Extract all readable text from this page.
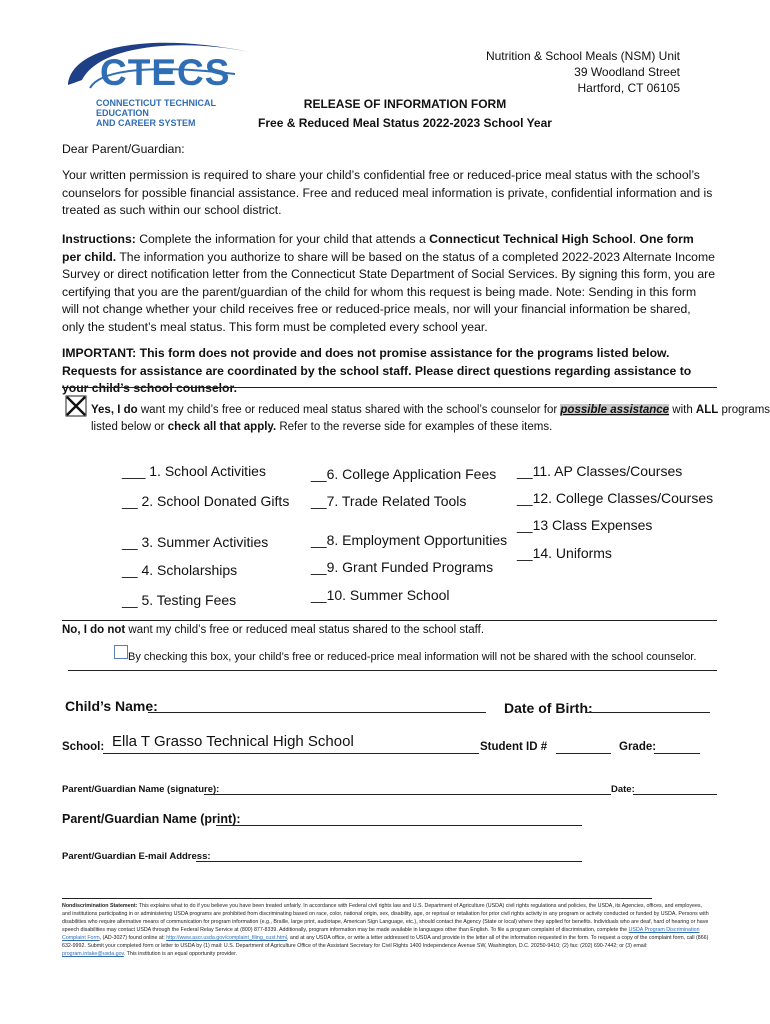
CTECS
CONNECTICUT TECHNICAL EDUCATION
AND CAREER SYSTEM
Nutrition & School Meals (NSM) Unit
39 Woodland Street
Hartford, CT 06105
RELEASE OF INFORMATION FORM
Free & Reduced Meal Status 2022-2023 School Year
Dear Parent/Guardian:
Your written permission is required to share your child’s confidential free or reduced-price meal status with the school’s counselors for possible financial assistance. Free and reduced meal information is private, confidential information and is treated as such within our school district.
Instructions: Complete the information for your child that attends a Connecticut Technical High School. One form per child. The information you authorize to share will be based on the status of a completed 2022-2023 Alternate Income Survey or direct notification letter from the Connecticut State Department of Social Services. By signing this form, you are certifying that you are the parent/guardian of the child for whom this request is being made. Note: Sending in this form will not change whether your child receives free or reduced-price meals, nor will your financial information be shared, only the student’s meal status. This form must be completed every school year.
IMPORTANT: This form does not provide and does not promise assistance for the programs listed below. Requests for assistance are coordinated by the school staff. Please direct questions regarding assistance to your child’s school counselor.
Yes, I do want my child’s free or reduced meal status shared with the school’s counselor for possible assistance with ALL programs
listed below or check all that apply. Refer to the reverse side for examples of these items.
___ 1. School Activities
__ 2. School Donated Gifts
__ 3. Summer Activities
__ 4. Scholarships
__ 5. Testing Fees
__6. College Application Fees
__7. Trade Related Tools
__8. Employment Opportunities
__9. Grant Funded Programs
__10. Summer School
__11. AP Classes/Courses
__12. College Classes/Courses
__13 Class Expenses
__14. Uniforms
No, I do not want my child’s free or reduced meal status shared to the school staff.
By checking this box, your child’s free or reduced-price meal information will not be shared with the school counselor.
Child’s Name:	Date of Birth:
School: Ella T Grasso Technical High School	Student ID #	Grade:
Parent/Guardian Name (signature):	Date:
Parent/Guardian Name (print):
Parent/Guardian E-mail Address:
Nondiscrimination Statement: This explains what to do if you believe you have been treated unfairly. In accordance with Federal civil rights law and U.S. Department of Agriculture (USDA) civil rights regulations and policies, the USDA, its Agencies, offices, and employees, and institutions participating in or administering USDA programs are prohibited from discriminating based on race, color, national origin, sex, disability, age, or reprisal or retaliation for prior civil rights activity in any program or activity conducted or funded by USDA. Persons with disabilities who require alternative means of communication for program information (e.g., Braille, large print, audiotape, American Sign Language, etc.), should contact the Agency (State or local) where they applied for benefits. Individuals who are deaf, hard of hearing or have speech disabilities may contact USDA through the Federal Relay Service at (800) 877-8339. Additionally, program information may be made available in languages other than English. To file a program complaint of discrimination, complete the USDA Program Discrimination Complaint Form, (AD-3027) found online at: http://www.ascr.usda.gov/complaint_filing_cust.html, and at any USDA office, or write a letter addressed to USDA and provide in the letter all of the information requested in the form. To request a copy of the complaint form, call (866) 632-9992. Submit your completed form or letter to USDA by (1) mail: U.S. Department of Agriculture Office of the Assistant Secretary for Civil Rights 1400 Independence Avenue SW, Washington, D.C. 20250-9410; (2) fax: (202) 690-7442; or (3) email: program.intake@usda.gov. This institution is an equal opportunity provider.
